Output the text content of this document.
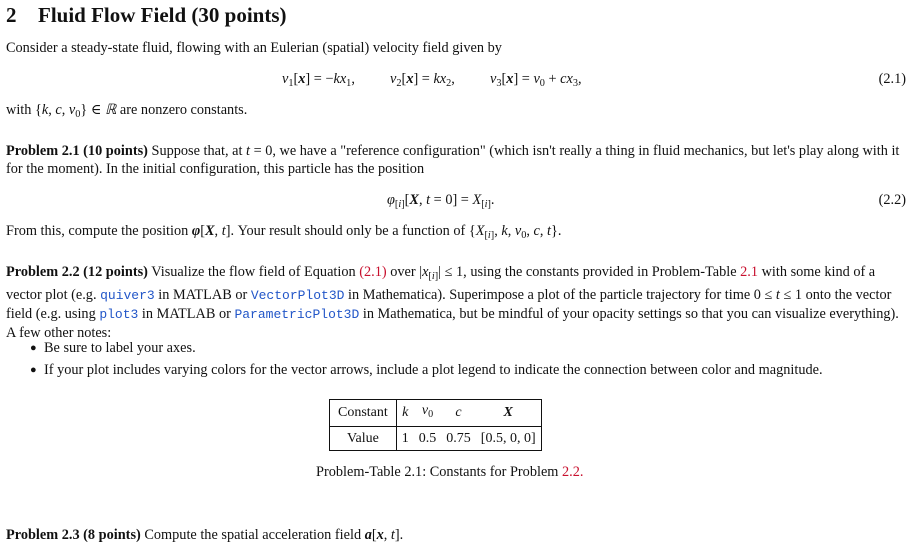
2 Fluid Flow Field (30 points)
Consider a steady-state fluid, flowing with an Eulerian (spatial) velocity field given by
$v_1[x] = -kx_1$,  $v_2[x] = kx_2$,  $v_3[x] = v_0 + cx_3$,	(2.1)
with {k, c, $v_0$} ∈ ℝ are nonzero constants.
Problem 2.1 (10 points) Suppose that, at t = 0, we have a "reference configuration" (which isn't really a thing in fluid mechanics, but let's play along with it for the moment). In the initial configuration, this particle has the position
$\varphi_{[i]}[X$, $t = 0] = X_{[i]}$.	(2.2)
From this, compute the position φ[X, t]. Your result should only be a function of {$X_{[i]}$, k, $v_0$, c, t}.
Problem 2.2 (12 points) Visualize the flow field of Equation (2.1) over $|x_{[i]}| \le 1$, using the constants provided in Problem-Table 2.1 with some kind of a vector plot (e.g. quiver3 in MATLAB or VectorPlot3D in Mathematica). Superimpose a plot of the particle trajectory for time 0 ≤ t ≤ 1 onto the vector field (e.g. using plot3 in MATLAB or ParametricPlot3D in Mathematica, but be mindful of your opacity settings so that you can visualize everything). A few other notes:
● Be sure to label your axes.
● If your plot includes varying colors for the vector arrows, include a plot legend to indicate the connection between color and magnitude.
Constant	k	$v_0$	c	X
Value	1	0.5	0.75	[0.5, 0, 0]
Problem-Table 2.1: Constants for Problem 2.2.
Problem 2.3 (8 points) Compute the spatial acceleration field a[x, t].
